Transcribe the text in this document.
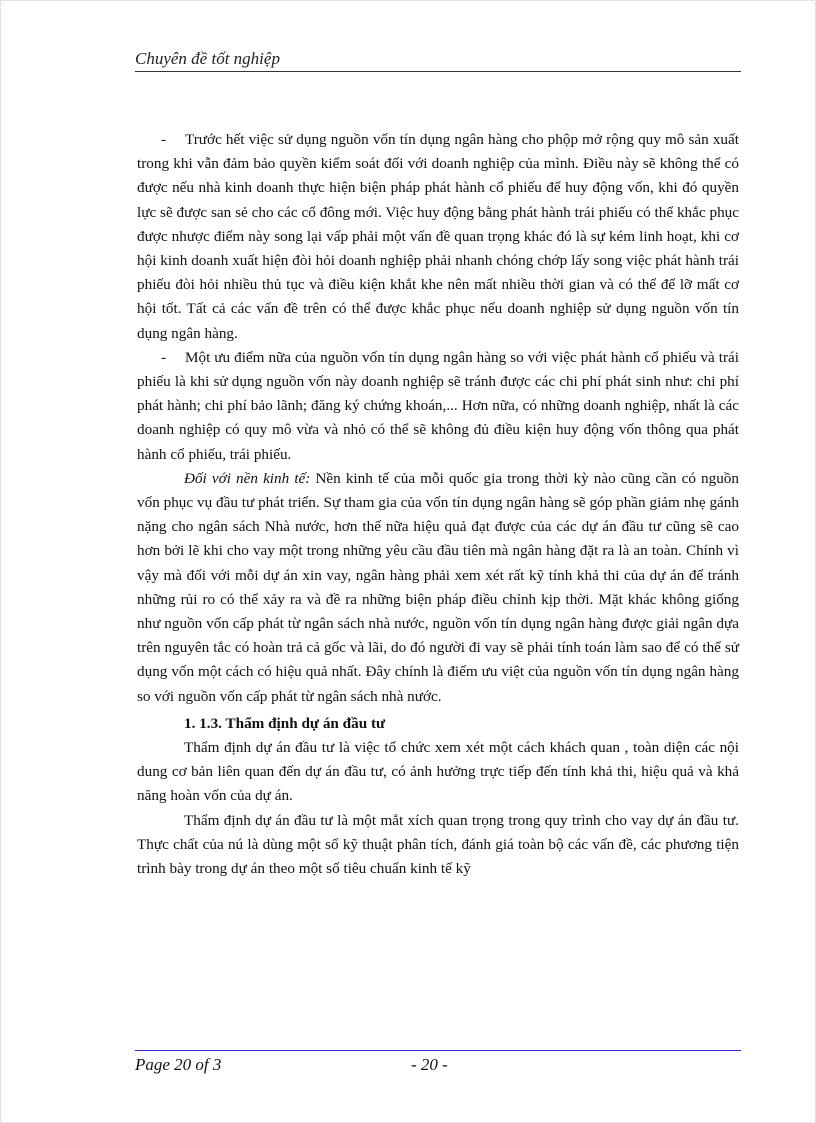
Chuyên đề tốt nghiệp

- Trước hết việc sử dụng nguồn vốn tín dụng ngân hàng cho phộp mở rộng quy mô sản xuất trong khi vẫn đảm bảo quyền kiểm soát đối với doanh nghiệp của mình. Điều này sẽ không thể có được nếu nhà kinh doanh thực hiện biện pháp phát hành cổ phiếu để huy động vốn, khi đó quyền lực sẽ được san sẻ cho các cổ đông mới. Việc huy động bằng phát hành trái phiếu có thể khắc phục được nhược điểm này song lại vấp phải một vấn đề quan trọng khác đó là sự kém linh hoạt, khi cơ hội kinh doanh xuất hiện đòi hỏi doanh nghiệp phải nhanh chóng chớp lấy song việc phát hành trái phiếu đòi hỏi nhiều thủ tục và điều kiện khắt khe nên mất nhiều thời gian và có thể để lỡ mất cơ hội tốt. Tất cả các vấn đề trên có thể được khắc phục nếu doanh nghiệp sử dụng nguồn vốn tín dụng ngân hàng.

- Một ưu điểm nữa của nguồn vốn tín dụng ngân hàng so với việc phát hành cổ phiếu và trái phiếu là khi sử dụng nguồn vốn này doanh nghiệp sẽ tránh được các chi phí phát sinh như: chi phí phát hành; chi phí bảo lãnh; đăng ký chứng khoán,... Hơn nữa, có những doanh nghiệp, nhất là các doanh nghiệp có quy mô vừa và nhỏ có thể sẽ không đủ điều kiện huy động vốn thông qua phát hành cổ phiếu, trái phiếu.

Đối với nền kinh tế: Nền kinh tế của mỗi quốc gia trong thời kỳ nào cũng cần có nguồn vốn phục vụ đầu tư phát triển. Sự tham gia của vốn tín dụng ngân hàng sẽ góp phần giảm nhẹ gánh nặng cho ngân sách Nhà nước, hơn thế nữa hiệu quả đạt được của các dự án đầu tư cũng sẽ cao hơn bởi lẽ khi cho vay một trong những yêu cầu đầu tiên mà ngân hàng đặt ra là an toàn. Chính vì vậy mà đối với mỗi dự án xin vay, ngân hàng phải xem xét rất kỹ tính khả thi của dự án để tránh những rủi ro có thể xảy ra và đề ra những biện pháp điều chỉnh kịp thời. Mặt khác không giống như nguồn vốn cấp phát từ ngân sách nhà nước, nguồn vốn tín dụng ngân hàng được giải ngân dựa trên nguyên tắc có hoàn trả cả gốc và lãi, do đó người đi vay sẽ phải tính toán làm sao để có thể sử dụng vốn một cách có hiệu quả nhất. Đây chính là điểm ưu việt của nguồn vốn tín dụng ngân hàng so với nguồn vốn cấp phát từ ngân sách nhà nước.

1. 1.3. Thẩm định dự án đầu tư

Thẩm định dự án đầu tư là việc tổ chức xem xét một cách khách quan , toàn diện các nội dung cơ bản liên quan đến dự án đầu tư, có ảnh hưởng trực tiếp đến tính khả thi, hiệu quả và khả năng hoàn vốn của dự án.

Thẩm định dự án đầu tư là một mắt xích quan trọng trong quy trình cho vay dự án đầu tư. Thực chất của nú là dùng một số kỹ thuật phân tích, đánh giá toàn bộ các vấn đề, các phương tiện trình bày trong dự án theo một số tiêu chuẩn kinh tế kỹ

Page 20 of 3	- 20 -
